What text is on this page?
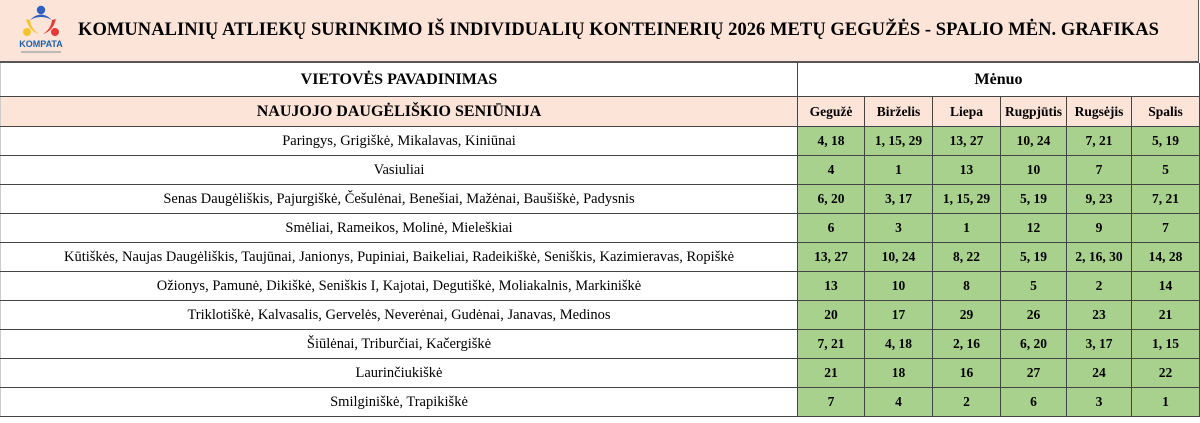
KOMPATA
KOMUNALINIŲ ATLIEKŲ SURINKIMO IŠ INDIVIDUALIŲ KONTEINERIŲ 2026 METŲ GEGUŽĖS - SPALIO MĖN. GRAFIKAS
VIETOVĖS PAVADINIMAS	Mėnuo					
NAUJOJO DAUGĖLIŠKIO SENIŪNIJA	Gegužė	Birželis	Liepa	Rugpjūtis	Rugsėjis	Spalis
Paringys, Grigiškė, Mikalavas, Kiniūnai	4, 18	1, 15, 29	13, 27	10, 24	7, 21	5, 19
Vasiuliai	4	1	13	10	7	5
Senas Daugėliškis, Pajurgiškė, Češulėnai, Benešiai, Mažėnai, Baušiškė, Padysnis	6, 20	3, 17	1, 15, 29	5, 19	9, 23	7, 21
Smėliai, Rameikos, Molinė, Mieleškiai	6	3	1	12	9	7
Kūtiškės, Naujas Daugėliškis, Taujūnai, Janionys, Pupiniai, Baikeliai, Radeikiškė, Seniškis, Kazimieravas, Ropiškė	13, 27	10, 24	8, 22	5, 19	2, 16, 30	14, 28
Ožionys, Pamunė, Dikiškė, Seniškis I, Kajotai, Degutiškė, Moliakalnis, Markiniškė	13	10	8	5	2	14
Triklotiškė, Kalvasalis, Gervelės, Neverėnai, Gudėnai, Janavas, Medinos	20	17	29	26	23	21
Šiūlėnai, Triburčiai, Kačergiškė	7, 21	4, 18	2, 16	6, 20	3, 17	1, 15
Laurinčiukiškė	21	18	16	27	24	22
Smilginiškė, Trapikiškė	7	4	2	6	3	1
